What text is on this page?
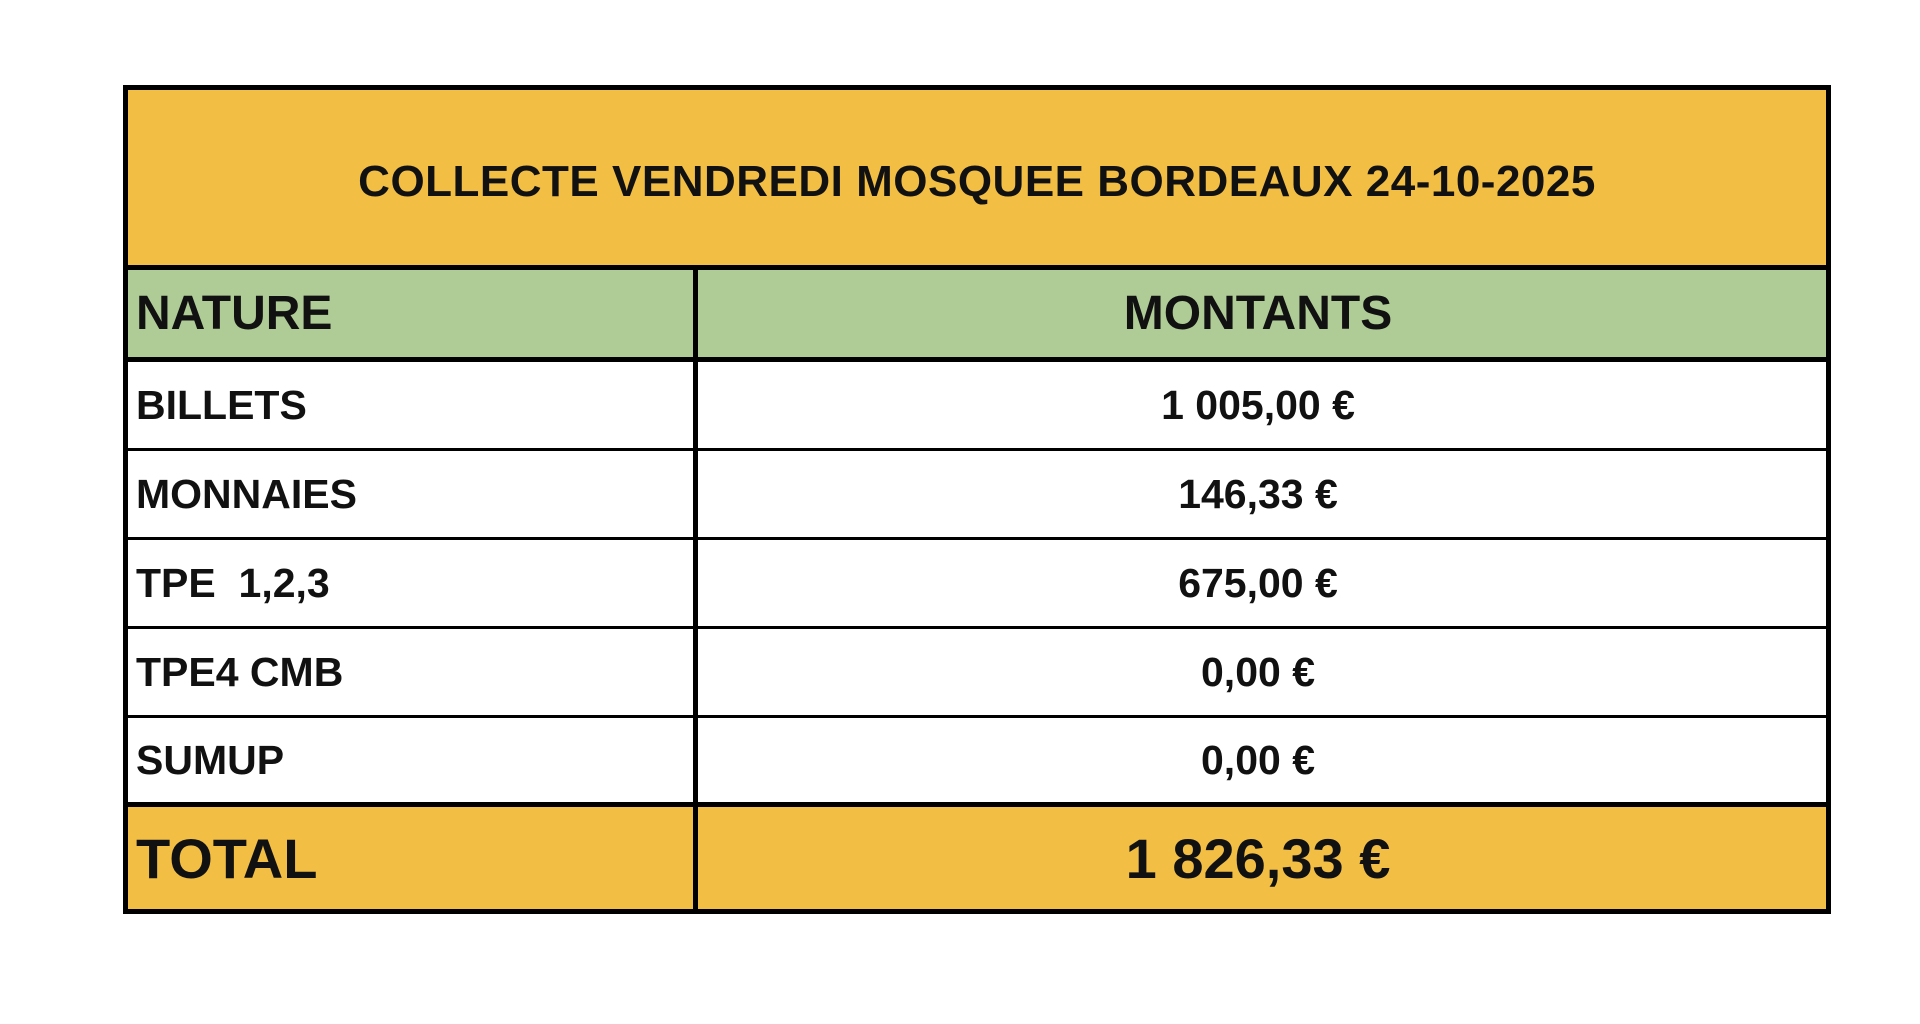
COLLECTE VENDREDI MOSQUEE BORDEAUX 24-10-2025
NATURE	MONTANTS
BILLETS	1 005,00 €
MONNAIES	146,33 €
TPE  1,2,3	675,00 €
TPE4 CMB	0,00 €
SUMUP	0,00 €
TOTAL	1 826,33 €
